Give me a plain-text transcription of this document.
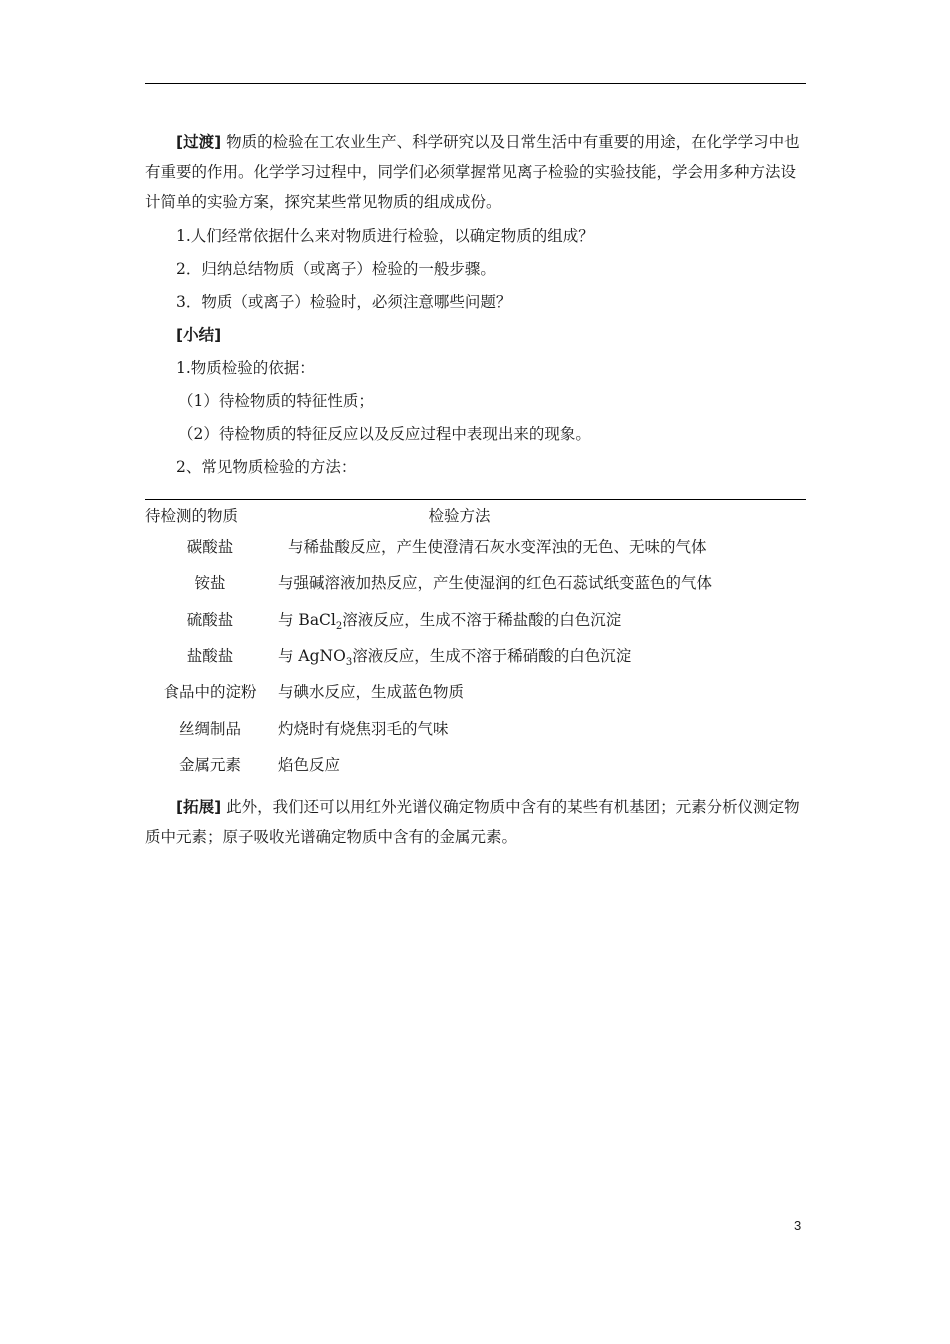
[过渡] 物质的检验在工农业生产、科学研究以及日常生活中有重要的用途，在化学学习中也有重要的作用。化学学习过程中，同学们必须掌握常见离子检验的实验技能，学会用多种方法设计简单的实验方案，探究某些常见物质的组成成份。

1.人们经常依据什么来对物质进行检验，以确定物质的组成？

2．归纳总结物质（或离子）检验的一般步骤。

3．物质（或离子）检验时，必须注意哪些问题？

[小结]

1.物质检验的依据：

（1）待检物质的特征性质；

（2）待检物质的特征反应以及反应过程中表现出来的现象。

2、常见物质检验的方法：

待检测的物质	检验方法
碳酸盐	与稀盐酸反应，产生使澄清石灰水变浑浊的无色、无味的气体
铵盐	与强碱溶液加热反应，产生使湿润的红色石蕊试纸变蓝色的气体
硫酸盐	与 BaCl$_2$溶液反应，生成不溶于稀盐酸的白色沉淀
盐酸盐	与 AgNO$_3$溶液反应，生成不溶于稀硝酸的白色沉淀
食品中的淀粉	与碘水反应，生成蓝色物质
丝绸制品	灼烧时有烧焦羽毛的气味
金属元素	焰色反应

[拓展] 此外，我们还可以用红外光谱仪确定物质中含有的某些有机基团；元素分析仪测定物质中元素；原子吸收光谱确定物质中含有的金属元素。

3
